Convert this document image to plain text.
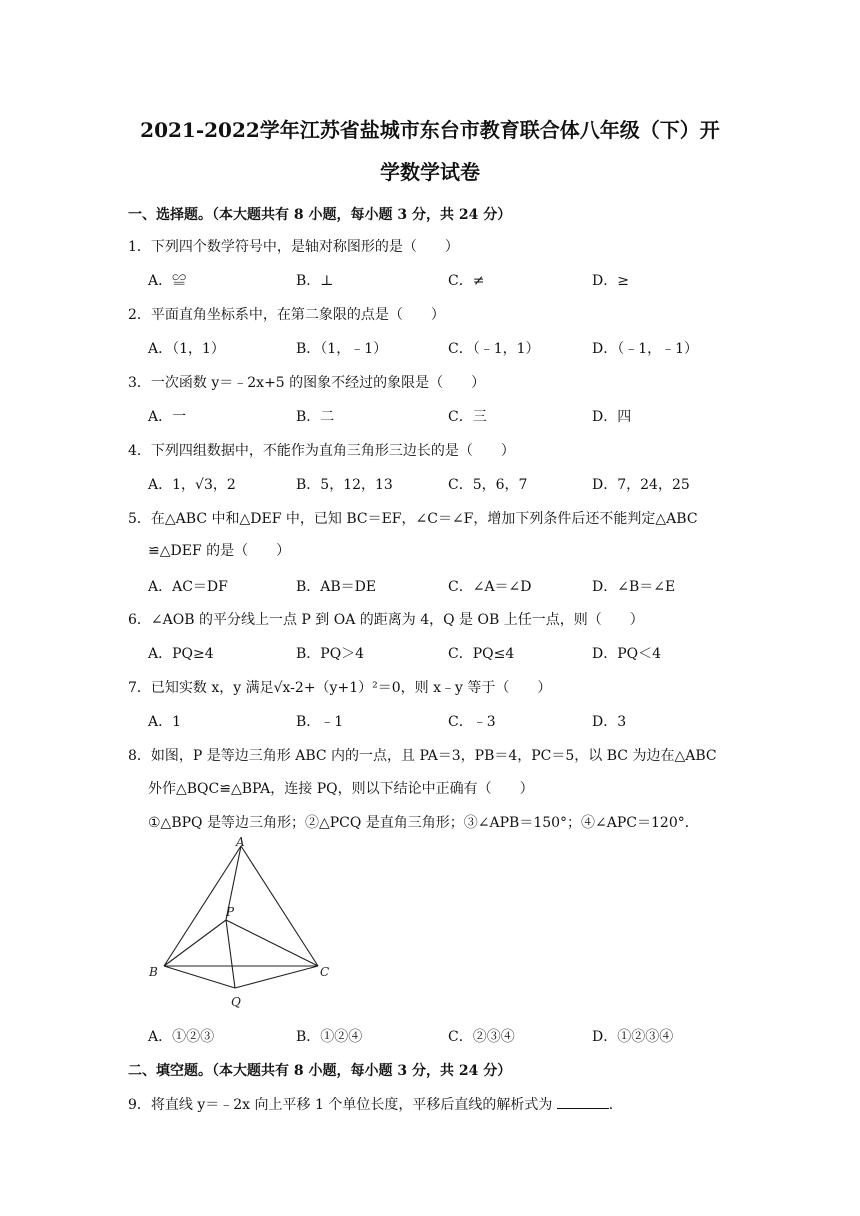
2021-2022学年江苏省盐城市东台市教育联合体八年级（下）开
学数学试卷
一、选择题。（本大题共有 8 小题，每小题 3 分，共 24 分）
1．下列四个数学符号中，是轴对称图形的是（　　）
A．≌	B．⊥	C．≠	D．≥
2．平面直角坐标系中，在第二象限的点是（　　）
A．（1，1）	B．（1，﹣1）	C．（﹣1，1）	D．（﹣1，﹣1）
3．一次函数 y＝﹣2x+5 的图象不经过的象限是（　　）
A．一	B．二	C．三	D．四
4．下列四组数据中，不能作为直角三角形三边长的是（　　）
A．1，√3，2	B．5，12，13	C．5，6，7	D．7，24，25
5．在△ABC 中和△DEF 中，已知 BC＝EF，∠C＝∠F，增加下列条件后还不能判定△ABC
≌△DEF 的是（　　）
A．AC＝DF	B．AB＝DE	C．∠A＝∠D	D．∠B＝∠E
6．∠AOB 的平分线上一点 P 到 OA 的距离为 4，Q 是 OB 上任一点，则（　　）
A．PQ≥4	B．PQ＞4	C．PQ≤4	D．PQ＜4
7．已知实数 x，y 满足√x-2+（y+1）²＝0，则 x﹣y 等于（　　）
A．1	B．﹣1	C．﹣3	D．3
8．如图，P 是等边三角形 ABC 内的一点，且 PA＝3，PB＝4，PC＝5，以 BC 为边在△ABC
外作△BQC≌△BPA，连接 PQ，则以下结论中正确有（　　）
①△BPQ 是等边三角形；②△PCQ 是直角三角形；③∠APB＝150°；④∠APC＝120°．
A
B	C
P
Q
A．①②③	B．①②④	C．②③④	D．①②③④
二、填空题。（本大题共有 8 小题，每小题 3 分，共 24 分）
9．将直线 y＝﹣2x 向上平移 1 个单位长度，平移后直线的解析式为	．
